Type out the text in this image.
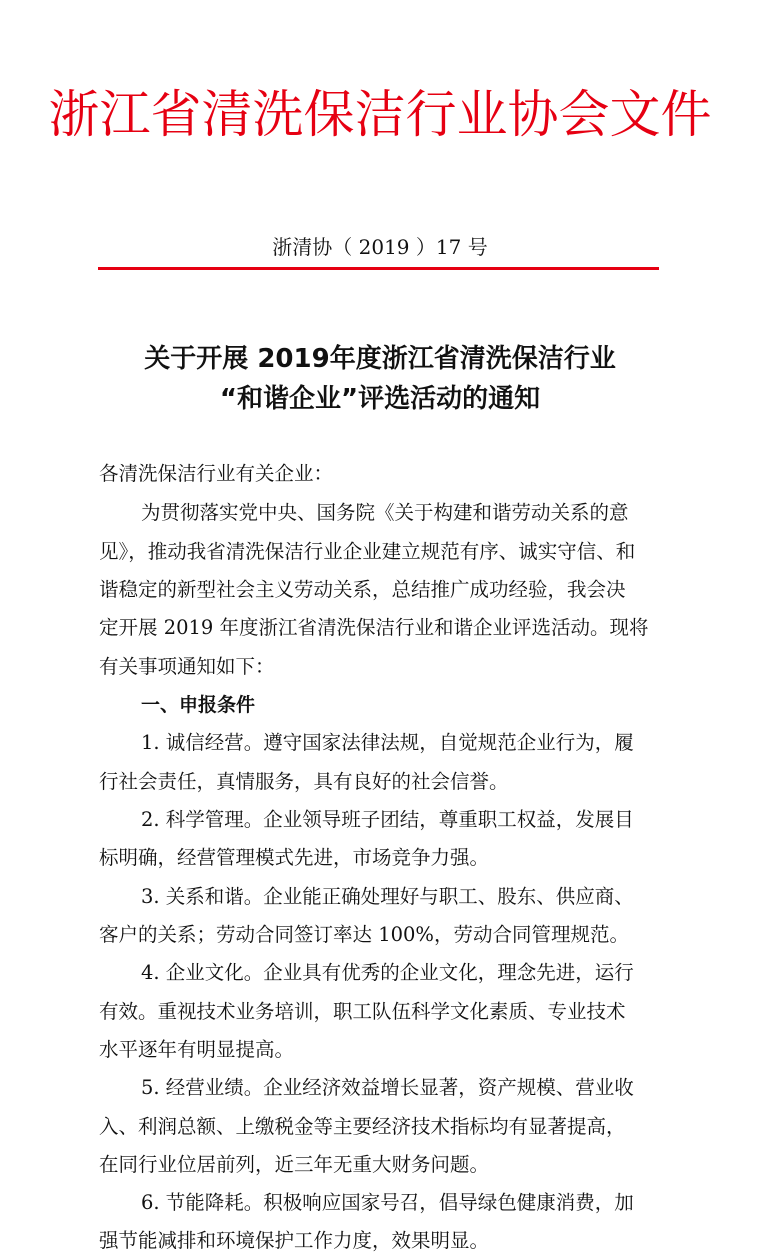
浙江省清洗保洁行业协会文件
浙清协（ 2019 ）17 号
关于开展 2019年度浙江省清洗保洁行业
“和谐企业”评选活动的通知
各清洗保洁行业有关企业：
为贯彻落实党中央、国务院《关于构建和谐劳动关系的意
见》，推动我省清洗保洁行业企业建立规范有序、诚实守信、和
谐稳定的新型社会主义劳动关系，总结推广成功经验，我会决
定开展 2019 年度浙江省清洗保洁行业和谐企业评选活动。现将
有关事项通知如下：
一、申报条件
1. 诚信经营。遵守国家法律法规，自觉规范企业行为，履
行社会责任，真情服务，具有良好的社会信誉。
2. 科学管理。企业领导班子团结，尊重职工权益，发展目
标明确，经营管理模式先进，市场竞争力强。
3. 关系和谐。企业能正确处理好与职工、股东、供应商、
客户的关系；劳动合同签订率达 100%，劳动合同管理规范。
4. 企业文化。企业具有优秀的企业文化，理念先进，运行
有效。重视技术业务培训，职工队伍科学文化素质、专业技术
水平逐年有明显提高。
5. 经营业绩。企业经济效益增长显著，资产规模、营业收
入、利润总额、上缴税金等主要经济技术指标均有显著提高，
在同行业位居前列，近三年无重大财务问题。
6. 节能降耗。积极响应国家号召，倡导绿色健康消费，加
强节能减排和环境保护工作力度，效果明显。
